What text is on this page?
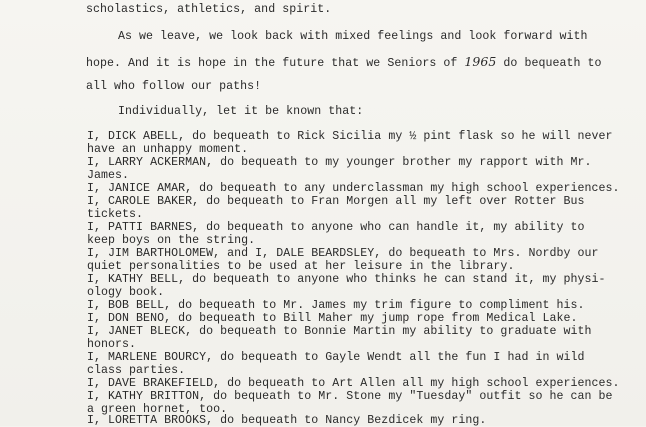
scholastics, athletics, and spirit.

As we leave, we look back with mixed feelings and look forward with

hope. And it is hope in the future that we Seniors of 1965 do bequeath to

all who follow our paths!

Individually, let it be known that:

I, DICK ABELL, do bequeath to Rick Sicilia my ½ pint flask so he will never

have an unhappy moment.

I, LARRY ACKERMAN, do bequeath to my younger brother my rapport with Mr.

James.

I, JANICE AMAR, do bequeath to any underclassman my high school experiences.

I, CAROLE BAKER, do bequeath to Fran Morgen all my left over Rotter Bus

tickets.

I, PATTI BARNES, do bequeath to anyone who can handle it, my ability to

keep boys on the string.

I, JIM BARTHOLOMEW, and I, DALE BEARDSLEY, do bequeath to Mrs. Nordby our

quiet personalities to be used at her leisure in the library.

I, KATHY BELL, do bequeath to anyone who thinks he can stand it, my physi-

ology book.

I, BOB BELL, do bequeath to Mr. James my trim figure to compliment his.

I, DON BENO, do bequeath to Bill Maher my jump rope from Medical Lake.

I, JANET BLECK, do bequeath to Bonnie Martin my ability to graduate with

honors.

I, MARLENE BOURCY, do bequeath to Gayle Wendt all the fun I had in wild

class parties.

I, DAVE BRAKEFIELD, do bequeath to Art Allen all my high school experiences.

I, KATHY BRITTON, do bequeath to Mr. Stone my "Tuesday" outfit so he can be

a green hornet, too.

I, LORETTA BROOKS, do bequeath to Nancy Bezdicek my ring.
